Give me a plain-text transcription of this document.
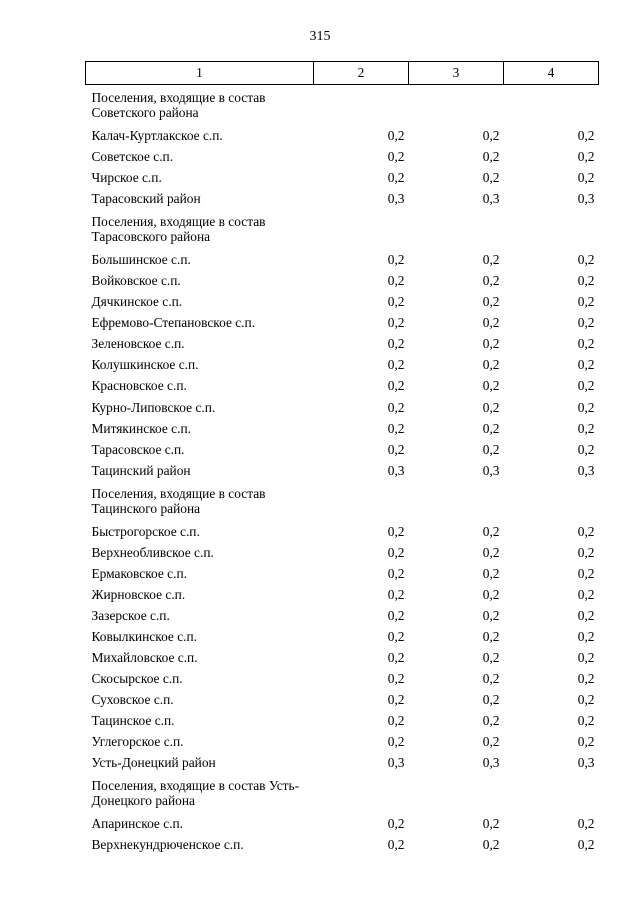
315
1	2	3	4
Поселения, входящие в состав Советского района			
Калач-Куртлакское с.п.	0,2	0,2	0,2
Советское с.п.	0,2	0,2	0,2
Чирское с.п.	0,2	0,2	0,2
Тарасовский район	0,3	0,3	0,3
Поселения, входящие в состав Тарасовского района			
Большинское с.п.	0,2	0,2	0,2
Войковское с.п.	0,2	0,2	0,2
Дячкинское с.п.	0,2	0,2	0,2
Ефремово-Степановское с.п.	0,2	0,2	0,2
Зеленовское с.п.	0,2	0,2	0,2
Колушкинское с.п.	0,2	0,2	0,2
Красновское с.п.	0,2	0,2	0,2
Курно-Липовское с.п.	0,2	0,2	0,2
Митякинское с.п.	0,2	0,2	0,2
Тарасовское с.п.	0,2	0,2	0,2
Тацинский район	0,3	0,3	0,3
Поселения, входящие в состав Тацинского района			
Быстрогорское с.п.	0,2	0,2	0,2
Верхнеобливское с.п.	0,2	0,2	0,2
Ермаковское с.п.	0,2	0,2	0,2
Жирновское с.п.	0,2	0,2	0,2
Зазерское с.п.	0,2	0,2	0,2
Ковылкинское с.п.	0,2	0,2	0,2
Михайловское с.п.	0,2	0,2	0,2
Скосырское с.п.	0,2	0,2	0,2
Суховское с.п.	0,2	0,2	0,2
Тацинское с.п.	0,2	0,2	0,2
Углегорское с.п.	0,2	0,2	0,2
Усть-Донецкий район	0,3	0,3	0,3
Поселения, входящие в состав Усть-Донецкого района			
Апаринское с.п.	0,2	0,2	0,2
Верхнекундрюченское с.п.	0,2	0,2	0,2
